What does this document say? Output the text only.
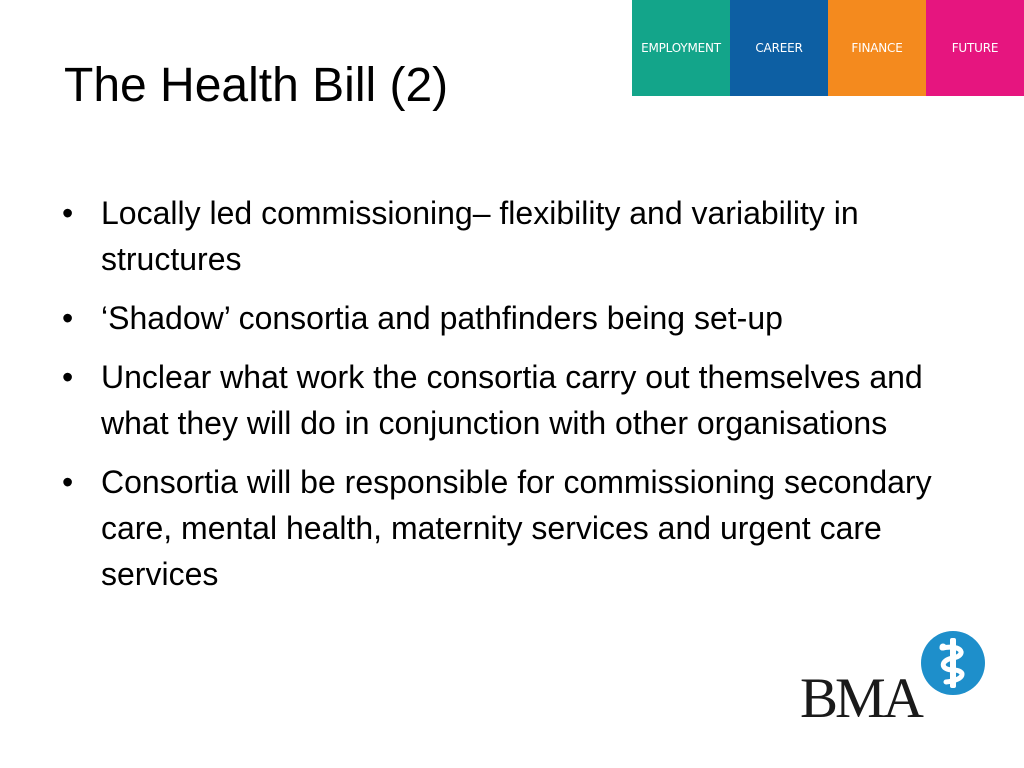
EMPLOYMENT	CAREER	FINANCE	FUTURE
The Health Bill (2)
• Locally led commissioning– flexibility and variability in structures
• ‘Shadow’ consortia and pathfinders being set-up
• Unclear what work the consortia carry out themselves and what they will do in conjunction with other organisations
• Consortia will be responsible for commissioning secondary care, mental health, maternity services and urgent care services
BMA
